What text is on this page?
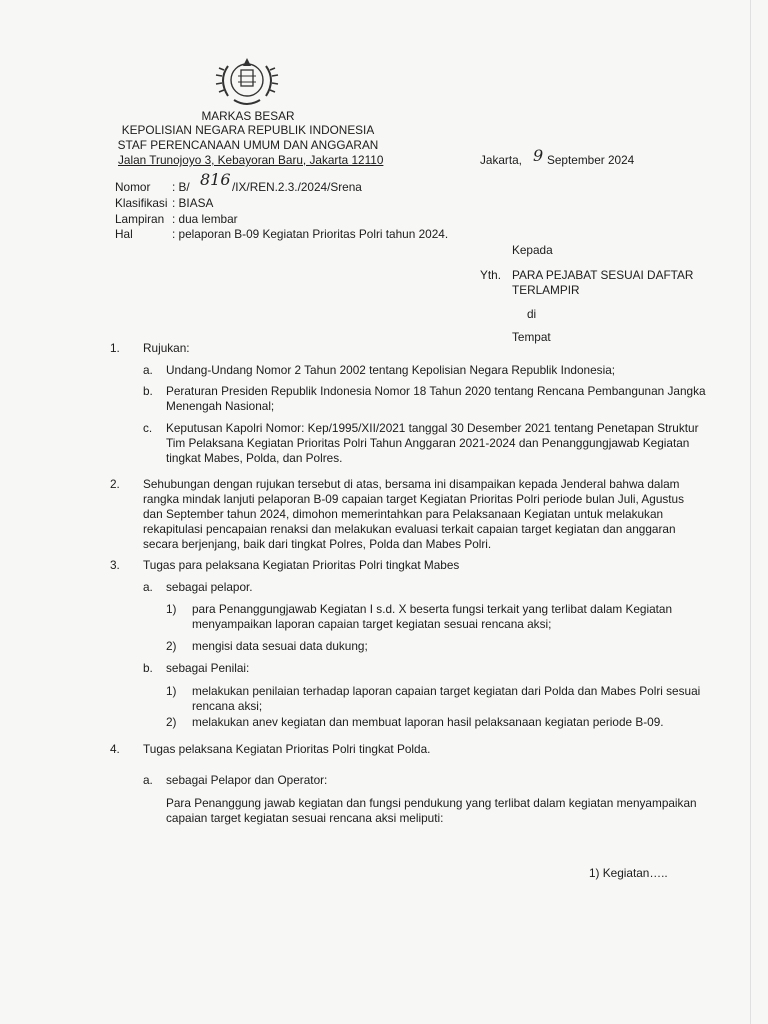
MARKAS BESAR
KEPOLISIAN NEGARA REPUBLIK INDONESIA
STAF PERENCANAAN UMUM DAN ANGGARAN
Jalan Trunojoyo 3, Kebayoran Baru, Jakarta 12110	Jakarta, 9 September 2024
Nomor : B/ 816 /IX/REN.2.3./2024/Srena
Klasifikasi : BIASA
Lampiran : dua lembar
Hal	: pelaporan B-09 Kegiatan Prioritas Polri tahun 2024.
Kepada
Yth. PARA PEJABAT SESUAI DAFTAR
TERLAMPIR
di
Tempat
1. Rujukan:
a. Undang-Undang Nomor 2 Tahun 2002 tentang Kepolisian Negara Republik Indonesia;
b. Peraturan Presiden Republik Indonesia Nomor 18 Tahun 2020 tentang Rencana Pembangunan Jangka
Menengah Nasional;
c. Keputusan Kapolri Nomor: Kep/1995/XII/2021 tanggal 30 Desember 2021 tentang Penetapan Struktur
Tim Pelaksana Kegiatan Prioritas Polri Tahun Anggaran 2021-2024 dan Penanggungjawab Kegiatan
tingkat Mabes, Polda, dan Polres.
2. Sehubungan dengan rujukan tersebut di atas, bersama ini disampaikan kepada Jenderal bahwa dalam
rangka mindak lanjuti pelaporan B-09 capaian target Kegiatan Prioritas Polri periode bulan Juli, Agustus
dan September tahun 2024, dimohon memerintahkan para Pelaksanaan Kegiatan untuk melakukan
rekapitulasi pencapaian renaksi dan melakukan evaluasi terkait capaian target kegiatan dan anggaran
secara berjenjang, baik dari tingkat Polres, Polda dan Mabes Polri.
3. Tugas para pelaksana Kegiatan Prioritas Polri tingkat Mabes
a. sebagai pelapor.
1) para Penanggungjawab Kegiatan I s.d. X beserta fungsi terkait yang terlibat dalam Kegiatan
menyampaikan laporan capaian target kegiatan sesuai rencana aksi;
2) mengisi data sesuai data dukung;
b. sebagai Penilai:
1) melakukan penilaian terhadap laporan capaian target kegiatan dari Polda dan Mabes Polri sesuai
rencana aksi;
2) melakukan anev kegiatan dan membuat laporan hasil pelaksanaan kegiatan periode B-09.
4. Tugas pelaksana Kegiatan Prioritas Polri tingkat Polda.
a. sebagai Pelapor dan Operator:
Para Penanggung jawab kegiatan dan fungsi pendukung yang terlibat dalam kegiatan menyampaikan
capaian target kegiatan sesuai rencana aksi meliputi:
1) Kegiatan…..
